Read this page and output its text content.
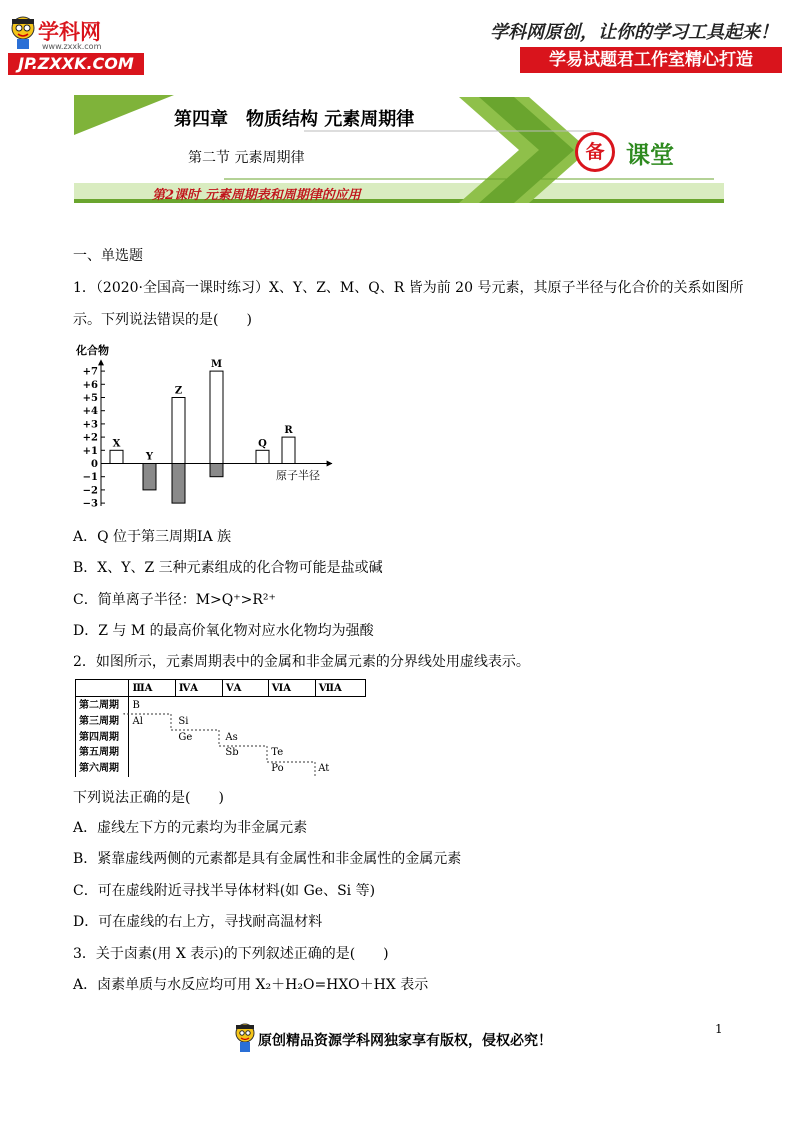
学科网
www.zxxk.com
JP.ZXXK.COM
学科网原创，让你的学习工具起来！
学易试题君工作室精心打造
第四章　物质结构 元素周期律
第二节 元素周期律
第2课时 元素周期表和周期律的应用
备 课堂
一、单选题
1．（2020·全国高一课时练习）X、Y、Z、M、Q、R 皆为前 20 号元素，其原子半径与化合价的关系如图所
示。下列说法错误的是(　　)
化合物
原子半径
+7
+6
+5
+4
+3
+2
+1
0
−1
−2
−3
X
Y
Z
M
Q
R
A．Q 位于第三周期ⅠA 族
B．X、Y、Z 三种元素组成的化合物可能是盐或碱
C．简单离子半径：M>Q⁺>R²⁺
D．Z 与 M 的最高价氧化物对应水化物均为强酸
2．如图所示，元素周期表中的金属和非金属元素的分界线处用虚线表示。
	ⅢA	ⅣA	ⅤA	ⅥA	ⅦA
第二周期	B				
第三周期	Al	Si			
第四周期		Ge	As		
第五周期			Sb	Te	
第六周期				Po	At
下列说法正确的是(　　)
A．虚线左下方的元素均为非金属元素
B．紧靠虚线两侧的元素都是具有金属性和非金属性的金属元素
C．可在虚线附近寻找半导体材料(如 Ge、Si 等)
D．可在虚线的右上方，寻找耐高温材料
3．关于卤素(用 X 表示)的下列叙述正确的是(　　)
A．卤素单质与水反应均可用 X₂＋H₂O=HXO＋HX 表示
1
原创精品资源学科网独家享有版权，侵权必究！
